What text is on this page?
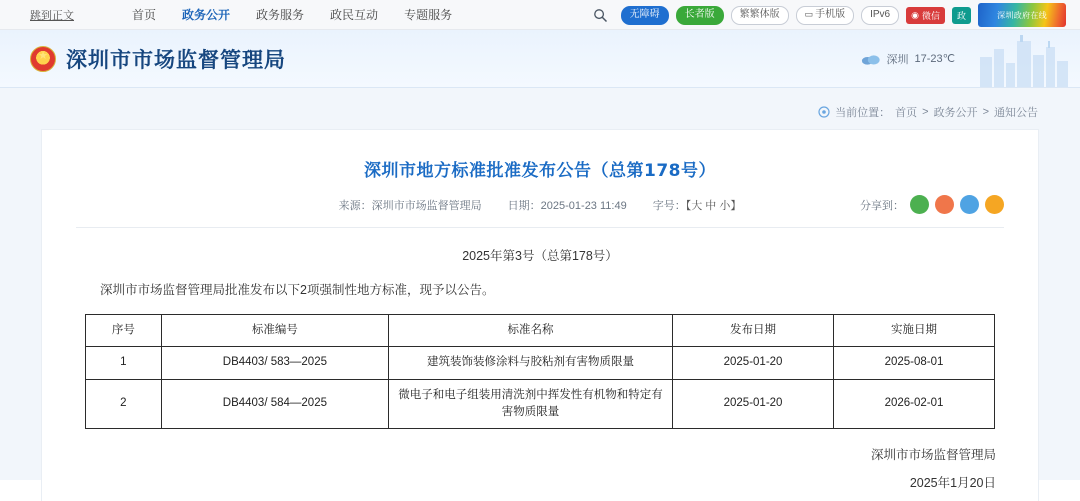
跳到正文	首页 政务公开 政务服务 政民互动 专题服务	无障碍	长者版	繁繁体版	▭ 手机版	IPv6	◉ 微信 政	深圳政府在线
★
深圳市市场监督管理局	深圳 17-23℃
当前位置： 首页 > 政务公开 > 通知公告
深圳市地方标准批准发布公告（总第178号）
来源：深圳市市场监督管理局 日期：2025-01-23 11:49 字号：【大 中 小】	分享到：
2025年第3号（总第178号）
深圳市市场监督管理局批准发布以下2项强制性地方标准，现予以公告。
序号	标准编号	标准名称	发布日期	实施日期
1	DB4403/ 583—2025	建筑装饰装修涂料与胶粘剂有害物质限量	2025-01-20	2025-08-01
2	DB4403/ 584—2025	微电子和电子组装用清洗剂中挥发性有机物和特定有害物质限量	2025-01-20	2026-02-01
深圳市市场监督管理局
2025年1月20日
